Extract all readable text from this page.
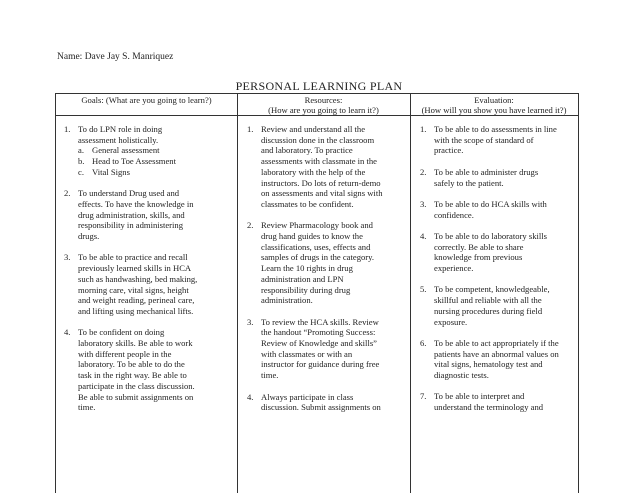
Name: Dave Jay S. Manriquez
PERSONAL LEARNING PLAN
Goals: (What are you going to learn?)	Resources:
(How are you going to learn it?)
Evaluation:
(How will you show you have learned it?)
1. To do LPN role in doing
assessment holistically.
a. General assessment
b. Head to Toe Assessment
c. Vital Signs
2. To understand Drug used and
effects. To have the knowledge in
drug administration, skills, and
responsibility in administering
drugs.
3. To be able to practice and recall
previously learned skills in HCA
such as handwashing, bed making,
morning care, vital signs, height
and weight reading, perineal care,
and lifting using mechanical lifts.
4. To be confident on doing
laboratory skills. Be able to work
with different people in the
laboratory. To be able to do the
task in the right way. Be able to
participate in the class discussion.
Be able to submit assignments on
time.
1. Review and understand all the
discussion done in the classroom
and laboratory. To practice
assessments with classmate in the
laboratory with the help of the
instructors. Do lots of return-demo
on assessments and vital signs with
classmates to be confident.
2. Review Pharmacology book and
drug hand guides to know the
classifications, uses, effects and
samples of drugs in the category.
Learn the 10 rights in drug
administration and LPN
responsibility during drug
administration.
3. To review the HCA skills. Review
the handout “Promoting Success:
Review of Knowledge and skills”
with classmates or with an
instructor for guidance during free
time.
4. Always participate in class
discussion. Submit assignments on
1. To be able to do assessments in line
with the scope of standard of
practice.
2. To be able to administer drugs
safely to the patient.
3. To be able to do HCA skills with
confidence.
4. To be able to do laboratory skills
correctly. Be able to share
knowledge from previous
experience.
5. To be competent, knowledgeable,
skillful and reliable with all the
nursing procedures during field
exposure.
6. To be able to act appropriately if the
patients have an abnormal values on
vital signs, hematology test and
diagnostic tests.
7. To be able to interpret and
understand the terminology and
